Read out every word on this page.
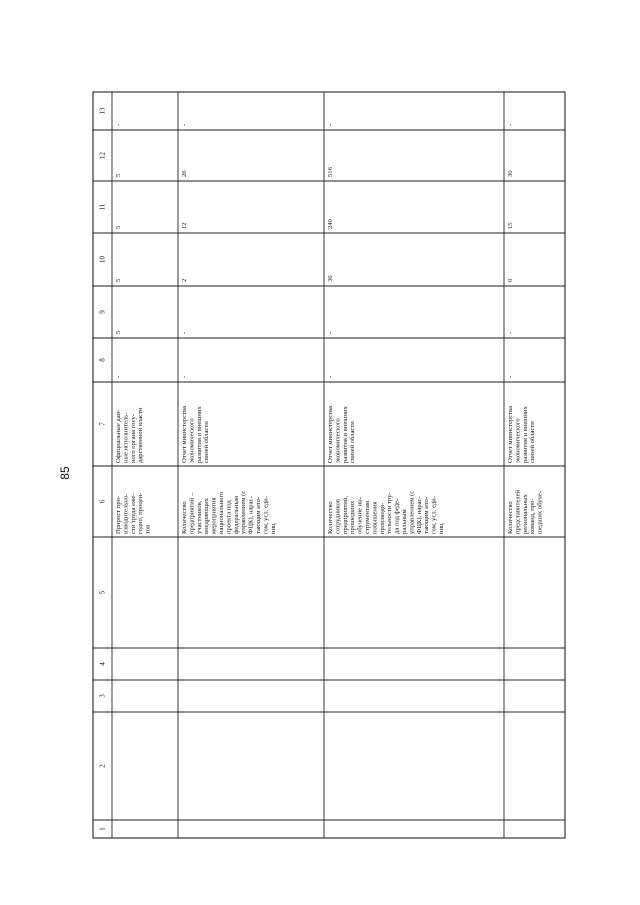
85
1
2
3
4
5
6
7
8
9
10
11
12
13
Прирост про- изводительно- сти труда еже- годно, процен- тов
Официальные дан- ные исполнитель- ного органа госу- дарственной власти
-
5
5
5
5
-
Количество предприятий – участников, внедряющих мероприятия национального проекта под федеральным управлением (с ФЦК), нарас- тающим ито- гом, усл. еди- ниц
Отчет министерства экономического развития и внешних связей области
-
-
2
12
26
-
Количество сотрудников предприятий, прошедших обучение ин- струментам повышения производи- тельности тру- да под феде- ральным управлением (с ФЦК), нарас- тающим ито- гом, усл. еди- ниц
Отчет министерства экономического развития и внешних связей области
-
-
36
240
516
-
Количество представителей региональных команд, про- шедших обуче-
Отчет министерства экономического развития и внешних связей области
-
-
0
15
30
-
